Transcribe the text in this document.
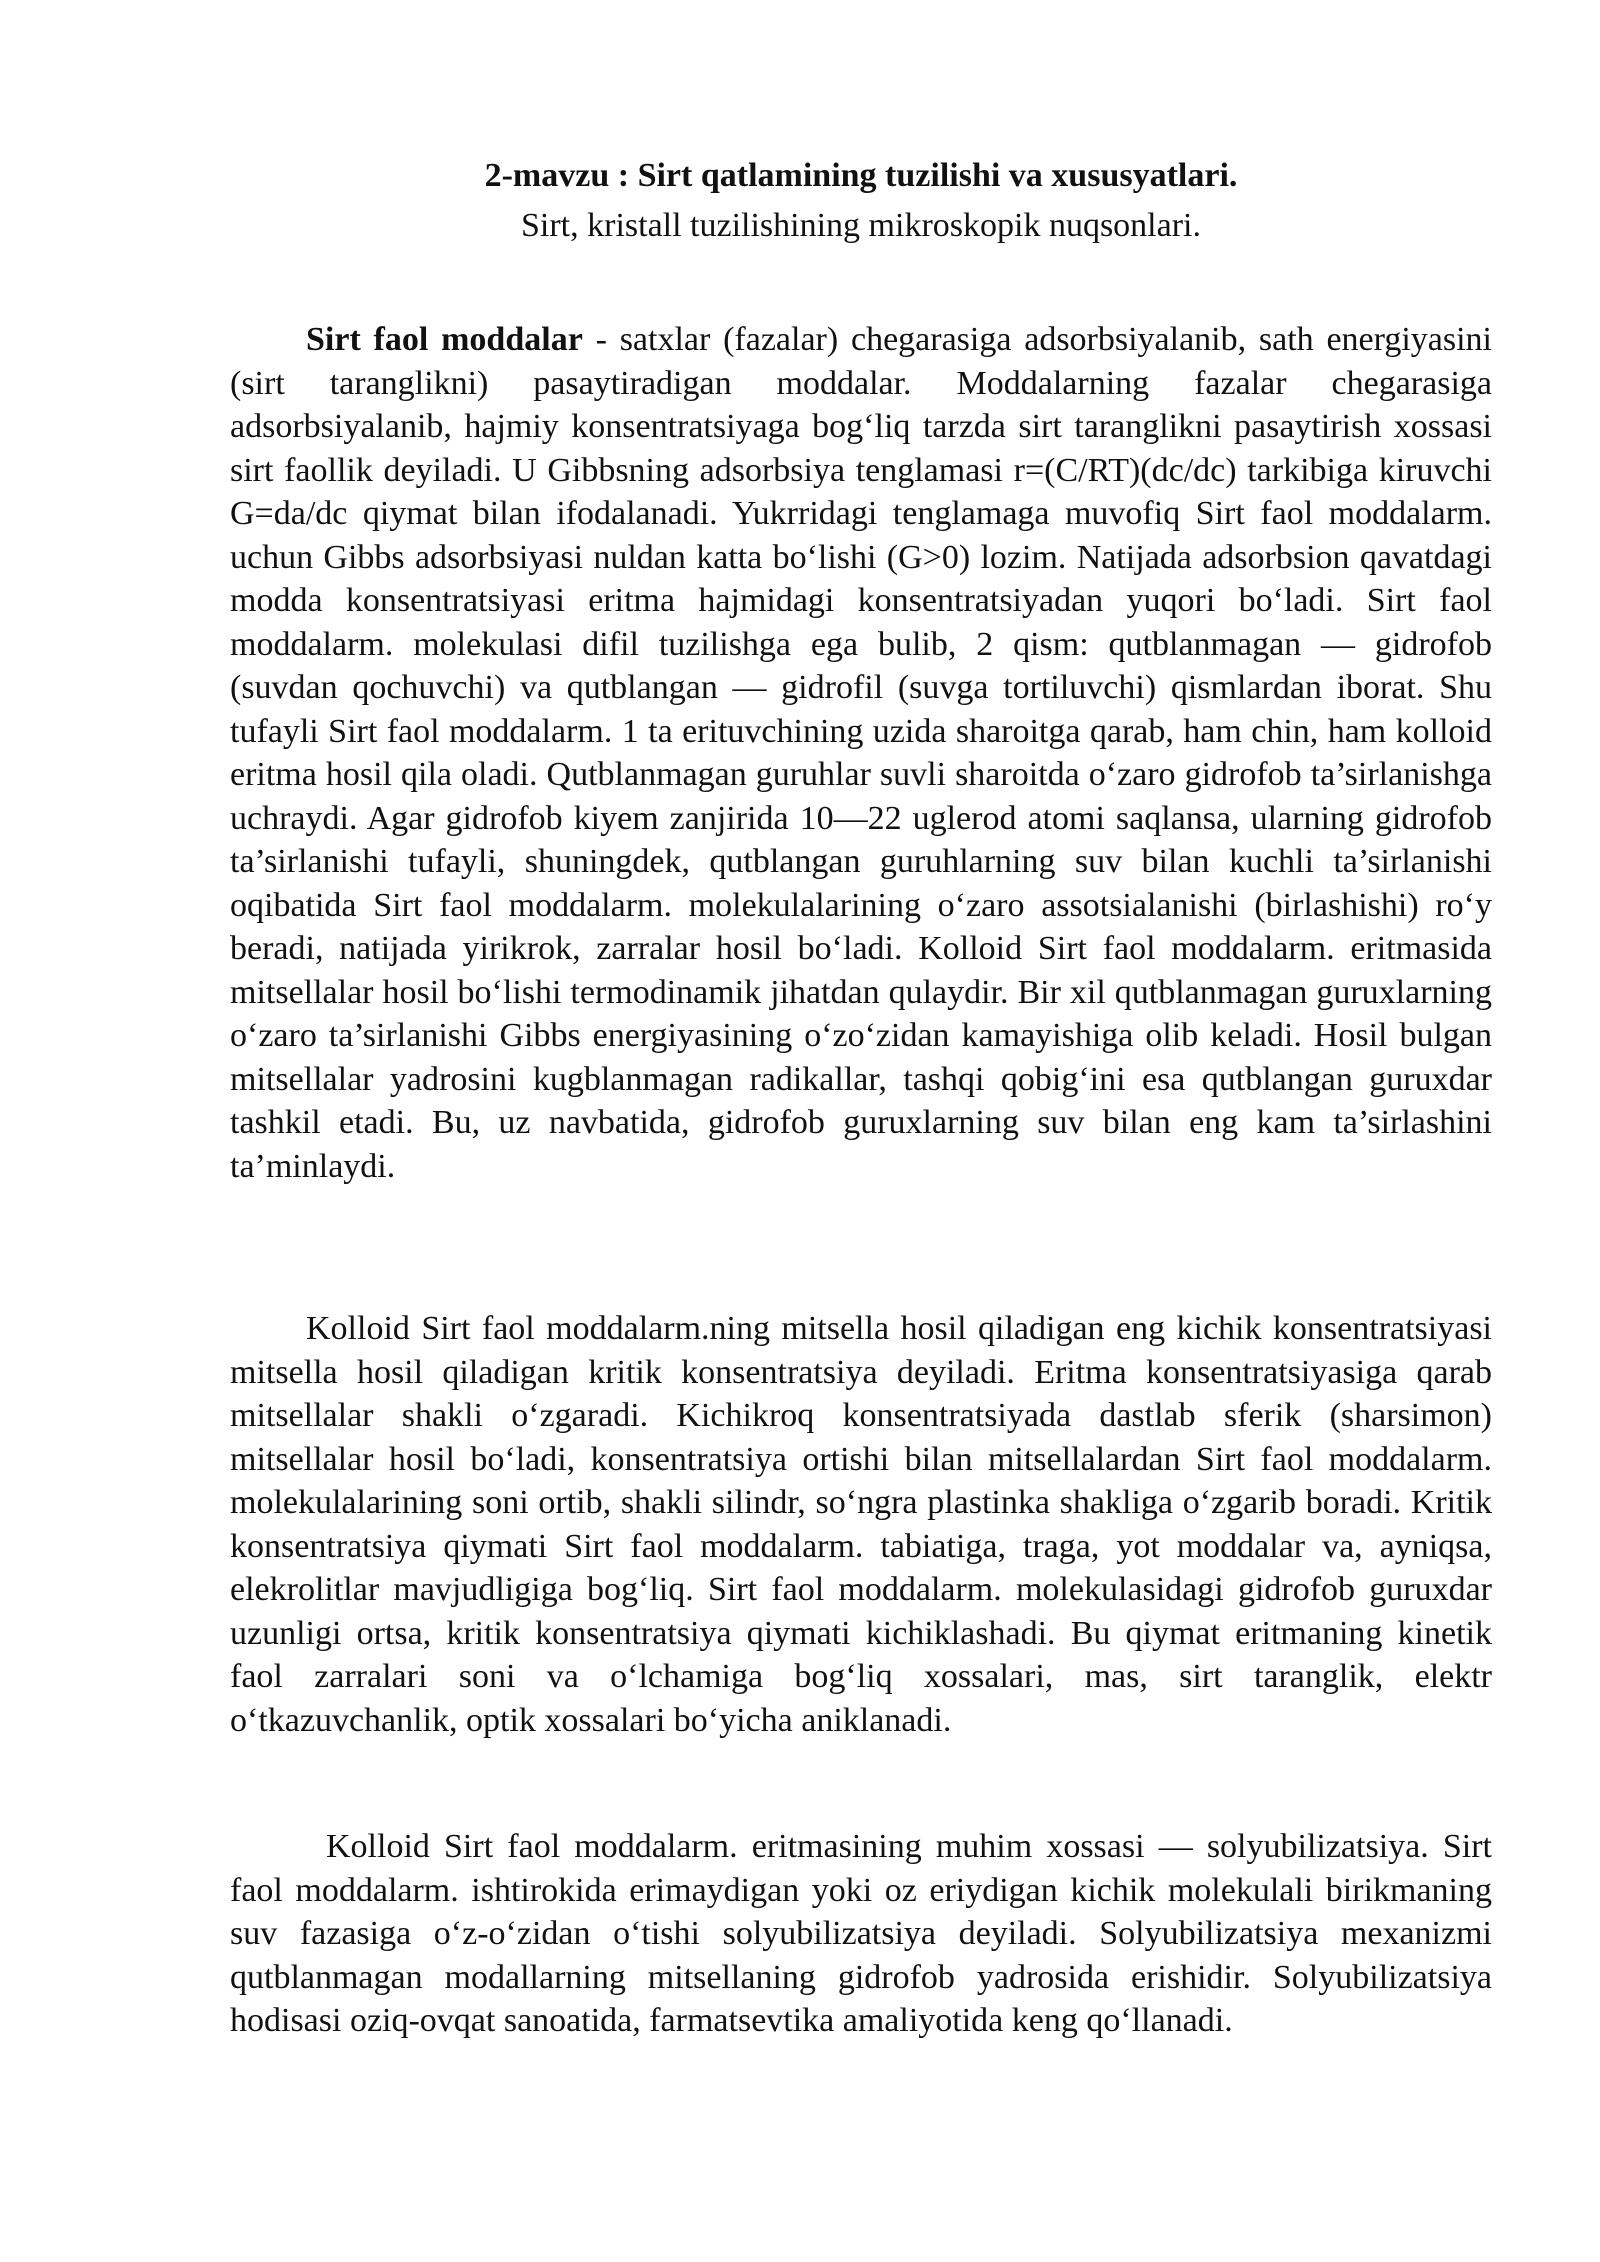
2-mavzu : Sirt qatlamining tuzilishi va xususyatlari.
Sirt, kristall tuzilishining mikroskopik nuqsonlari.

Sirt faol moddalar - satxlar (fazalar) chegarasiga adsorbsiyalanib, sath energiyasini (sirt taranglikni) pasaytiradigan moddalar. Moddalarning fazalar chegarasiga adsorbsiyalanib, hajmiy konsentratsiyaga bog‘liq tarzda sirt taranglikni pasaytirish xossasi sirt faollik deyiladi. U Gibbsning adsorbsiya tenglamasi r=(C/RT)(dc/dc) tarkibiga kiruvchi G=da/dc qiymat bilan ifodalanadi. Yukrridagi tenglamaga muvofiq Sirt faol moddalarm. uchun Gibbs adsorbsiyasi nuldan katta bo‘lishi (G>0) lozim. Natijada adsorbsion qavatdagi modda konsentratsiyasi eritma hajmidagi konsentratsiyadan yuqori bo‘ladi. Sirt faol moddalarm. molekulasi difil tuzilishga ega bulib, 2 qism: qutblanmagan — gidrofob (suvdan qochuvchi) va qutblangan — gidrofil (suvga tortiluvchi) qismlardan iborat. Shu tufayli Sirt faol moddalarm. 1 ta erituvchining uzida sharoitga qarab, ham chin, ham kolloid eritma hosil qila oladi. Qutblanmagan guruhlar suvli sharoitda o‘zaro gidrofob ta’sirlanishga uchraydi. Agar gidrofob kiyem zanjirida 10—22 uglerod atomi saqlansa, ularning gidrofob ta’sirlanishi tufayli, shuningdek, qutblangan guruhlarning suv bilan kuchli ta’sirlanishi oqibatida Sirt faol moddalarm. molekulalarining o‘zaro assotsialanishi (birlashishi) ro‘y beradi, natijada yirikrok, zarralar hosil bo‘ladi. Kolloid Sirt faol moddalarm. eritmasida mitsellalar hosil bo‘lishi termodinamik jihatdan qulaydir. Bir xil qutblanmagan guruxlarning o‘zaro ta’sirlanishi Gibbs energiyasining o‘zo‘zidan kamayishiga olib keladi. Hosil bulgan mitsellalar yadrosini kugblanmagan radikallar, tashqi qobig‘ini esa qutblangan guruxdar tashkil etadi. Bu, uz navbatida, gidrofob guruxlarning suv bilan eng kam ta’sirlashini ta’minlaydi.

Kolloid Sirt faol moddalarm.ning mitsella hosil qiladigan eng kichik konsentratsiyasi mitsella hosil qiladigan kritik konsentratsiya deyiladi. Eritma konsentratsiyasiga qarab mitsellalar shakli o‘zgaradi. Kichikroq konsentratsiyada dastlab sferik (sharsimon) mitsellalar hosil bo‘ladi, konsentratsiya ortishi bilan mitsellalardan Sirt faol moddalarm. molekulalarining soni ortib, shakli silindr, so‘ngra plastinka shakliga o‘zgarib boradi. Kritik konsentratsiya qiymati Sirt faol moddalarm. tabiatiga, traga, yot moddalar va, ayniqsa, elekrolitlar mavjudligiga bog‘liq. Sirt faol moddalarm. molekulasidagi gidrofob guruxdar uzunligi ortsa, kritik konsentratsiya qiymati kichiklashadi. Bu qiymat eritmaning kinetik faol zarralari soni va o‘lchamiga bog‘liq xossalari, mas, sirt taranglik, elektr o‘tkazuvchanlik, optik xossalari bo‘yicha aniklanadi.

Kolloid Sirt faol moddalarm. eritmasining muhim xossasi — solyubilizatsiya. Sirt faol moddalarm. ishtirokida erimaydigan yoki oz eriydigan kichik molekulali birikmaning suv fazasiga o‘z-o‘zidan o‘tishi solyubilizatsiya deyiladi. Solyubilizatsiya mexanizmi qutblanmagan modallarning mitsellaning gidrofob yadrosida erishidir. Solyubilizatsiya hodisasi oziq-ovqat sanoatida, farmatsevtika amaliyotida keng qo‘llanadi.
